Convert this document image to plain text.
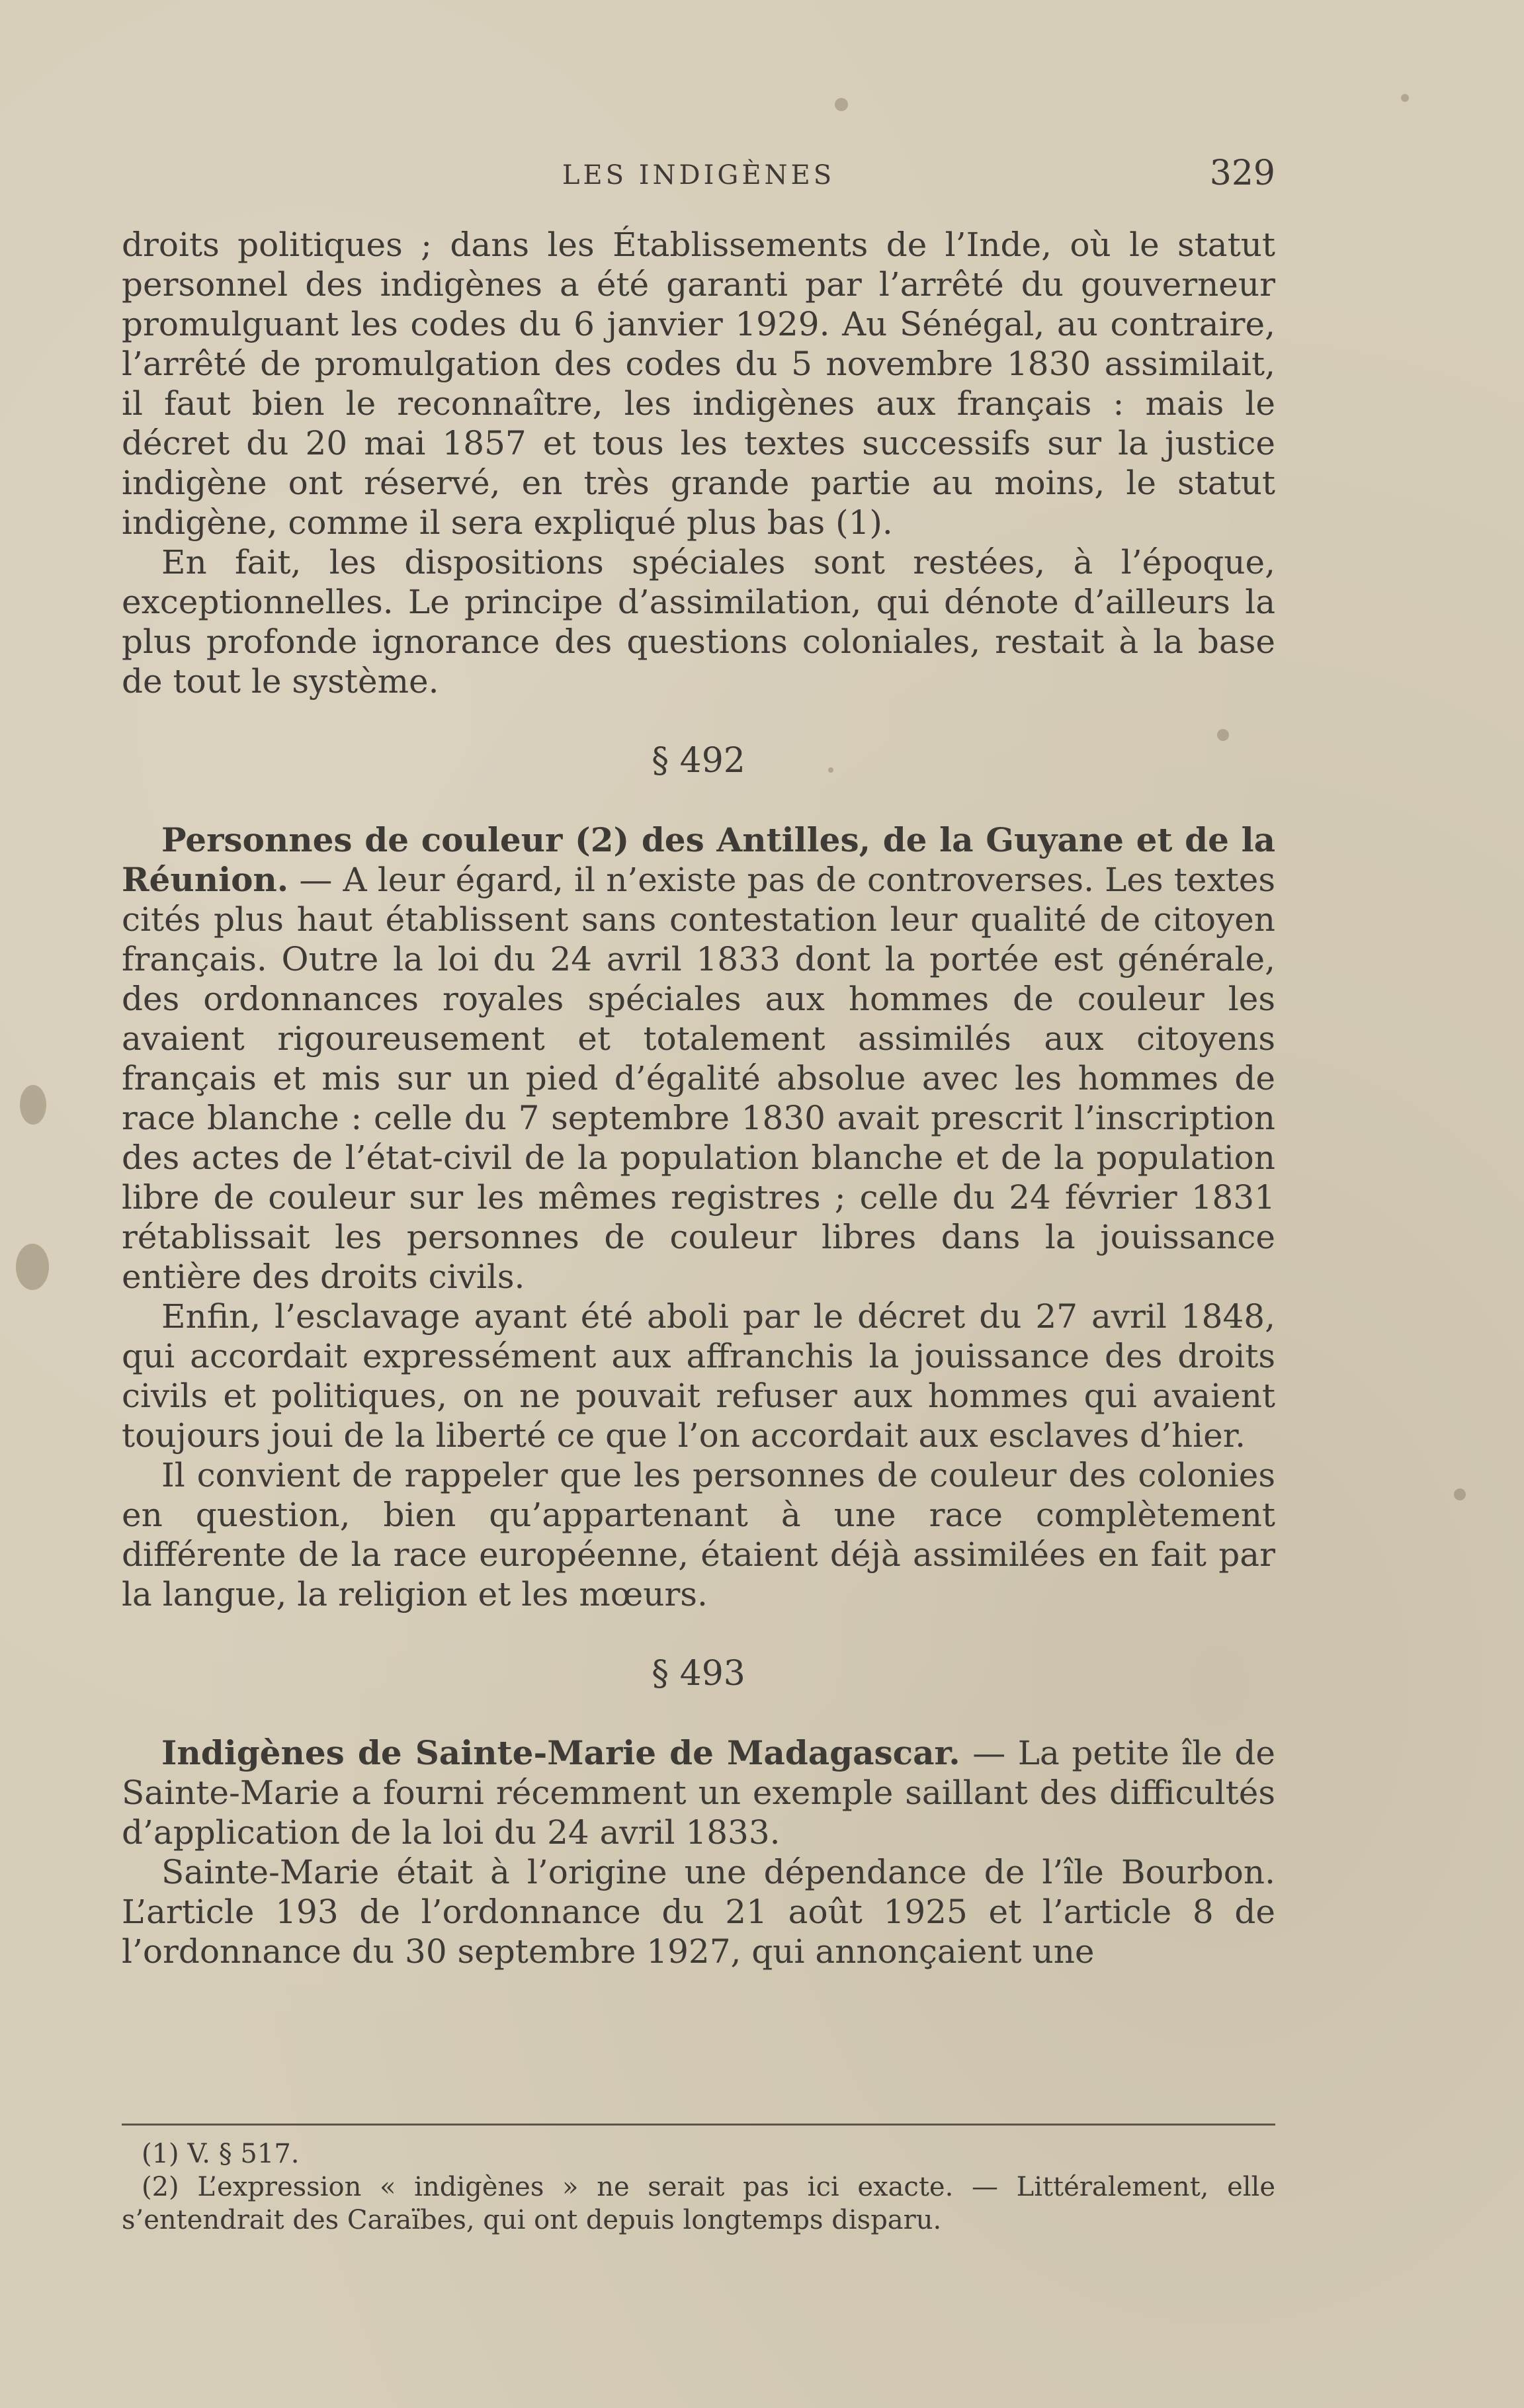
LES INDIGÈNES	329

droits politiques ; dans les Établissements de l’Inde, où le statut personnel des indigènes a été garanti par l’arrêté du gouverneur promulguant les codes du 6 janvier 1929. Au Sénégal, au contraire, l’arrêté de promulgation des codes du 5 novembre 1830 assimilait, il faut bien le reconnaître, les indigènes aux français : mais le décret du 20 mai 1857 et tous les textes successifs sur la justice indigène ont réservé, en très grande partie au moins, le statut indigène, comme il sera expliqué plus bas (1).

En fait, les dispositions spéciales sont restées, à l’époque, exceptionnelles. Le principe d’assimilation, qui dénote d’ailleurs la plus profonde ignorance des questions coloniales, restait à la base de tout le système.

§ 492

Personnes de couleur (2) des Antilles, de la Guyane et de la Réunion. — A leur égard, il n’existe pas de controverses. Les textes cités plus haut établissent sans contestation leur qualité de citoyen français. Outre la loi du 24 avril 1833 dont la portée est générale, des ordonnances royales spéciales aux hommes de couleur les avaient rigoureusement et totalement assimilés aux citoyens français et mis sur un pied d’égalité absolue avec les hommes de race blanche : celle du 7 septembre 1830 avait prescrit l’inscription des actes de l’état-civil de la population blanche et de la population libre de couleur sur les mêmes registres ; celle du 24 février 1831 rétablissait les personnes de couleur libres dans la jouissance entière des droits civils.

Enfin, l’esclavage ayant été aboli par le décret du 27 avril 1848, qui accordait expressément aux affranchis la jouissance des droits civils et politiques, on ne pouvait refuser aux hommes qui avaient toujours joui de la liberté ce que l’on accordait aux esclaves d’hier.

Il convient de rappeler que les personnes de couleur des colonies en question, bien qu’appartenant à une race complètement différente de la race européenne, étaient déjà assimilées en fait par la langue, la religion et les mœurs.

§ 493

Indigènes de Sainte-Marie de Madagascar. — La petite île de Sainte-Marie a fourni récemment un exemple saillant des difficultés d’application de la loi du 24 avril 1833.

Sainte-Marie était à l’origine une dépendance de l’île Bourbon. L’article 193 de l’ordonnance du 21 août 1925 et l’article 8 de l’ordonnance du 30 septembre 1927, qui annonçaient une

(1) V. § 517.

(2) L’expression « indigènes » ne serait pas ici exacte. — Littéralement, elle s’entendrait des Caraïbes, qui ont depuis longtemps disparu.
